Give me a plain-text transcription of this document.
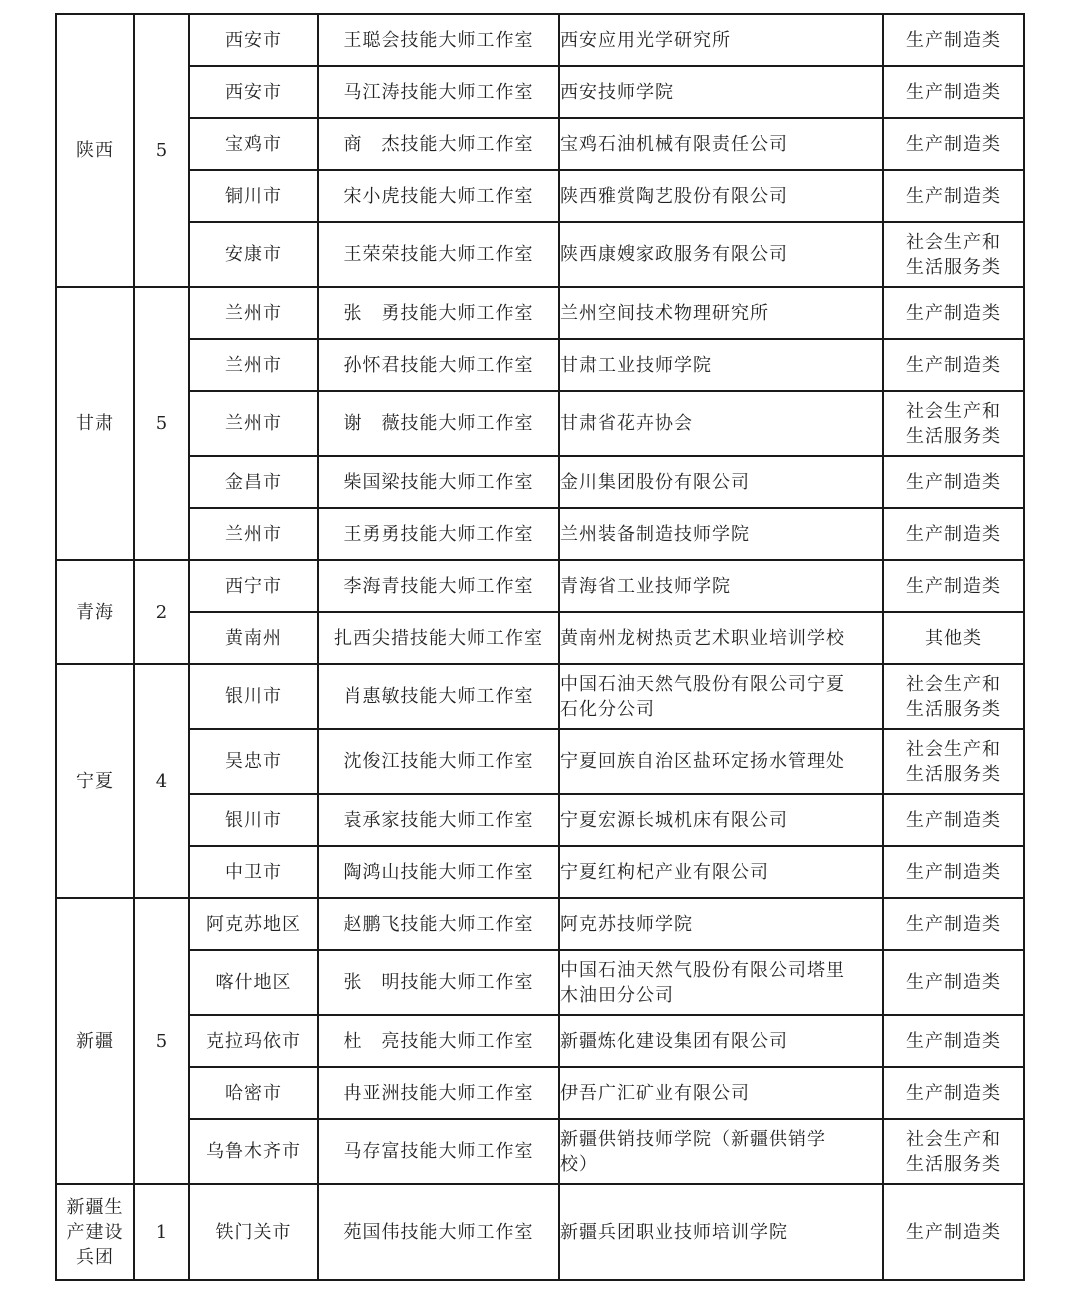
陕西	5	西安市	王聪会技能大师工作室	西安应用光学研究所	生产制造类

		西安市	马江涛技能大师工作室	西安技师学院	生产制造类

		宝鸡市	商　杰技能大师工作室	宝鸡石油机械有限责任公司	生产制造类

		铜川市	宋小虎技能大师工作室	陕西雅赏陶艺股份有限公司	生产制造类

		安康市	王荣荣技能大师工作室	陕西康嫂家政服务有限公司	社会生产和
生活服务类

甘肃	5	兰州市	张　勇技能大师工作室	兰州空间技术物理研究所	生产制造类

		兰州市	孙怀君技能大师工作室	甘肃工业技师学院	生产制造类

		兰州市	谢　薇技能大师工作室	甘肃省花卉协会	社会生产和
生活服务类

		金昌市	柴国梁技能大师工作室	金川集团股份有限公司	生产制造类

		兰州市	王勇勇技能大师工作室	兰州装备制造技师学院	生产制造类

青海	2	西宁市	李海青技能大师工作室	青海省工业技师学院	生产制造类

		黄南州	扎西尖措技能大师工作室	黄南州龙树热贡艺术职业培训学校	其他类

宁夏	4	银川市	肖惠敏技能大师工作室	中国石油天然气股份有限公司宁夏
石化分公司	社会生产和
生活服务类

		吴忠市	沈俊江技能大师工作室	宁夏回族自治区盐环定扬水管理处	社会生产和
生活服务类

		银川市	袁承家技能大师工作室	宁夏宏源长城机床有限公司	生产制造类

		中卫市	陶鸿山技能大师工作室	宁夏红枸杞产业有限公司	生产制造类

新疆	5	阿克苏地区	赵鹏飞技能大师工作室	阿克苏技师学院	生产制造类

		喀什地区	张　明技能大师工作室	中国石油天然气股份有限公司塔里
木油田分公司	生产制造类

		克拉玛依市	杜　亮技能大师工作室	新疆炼化建设集团有限公司	生产制造类

		哈密市	冉亚洲技能大师工作室	伊吾广汇矿业有限公司	生产制造类

		乌鲁木齐市	马存富技能大师工作室	新疆供销技师学院（新疆供销学
校）	社会生产和
生活服务类

新疆生
产建设
兵团	1	铁门关市	苑国伟技能大师工作室	新疆兵团职业技师培训学院	生产制造类
